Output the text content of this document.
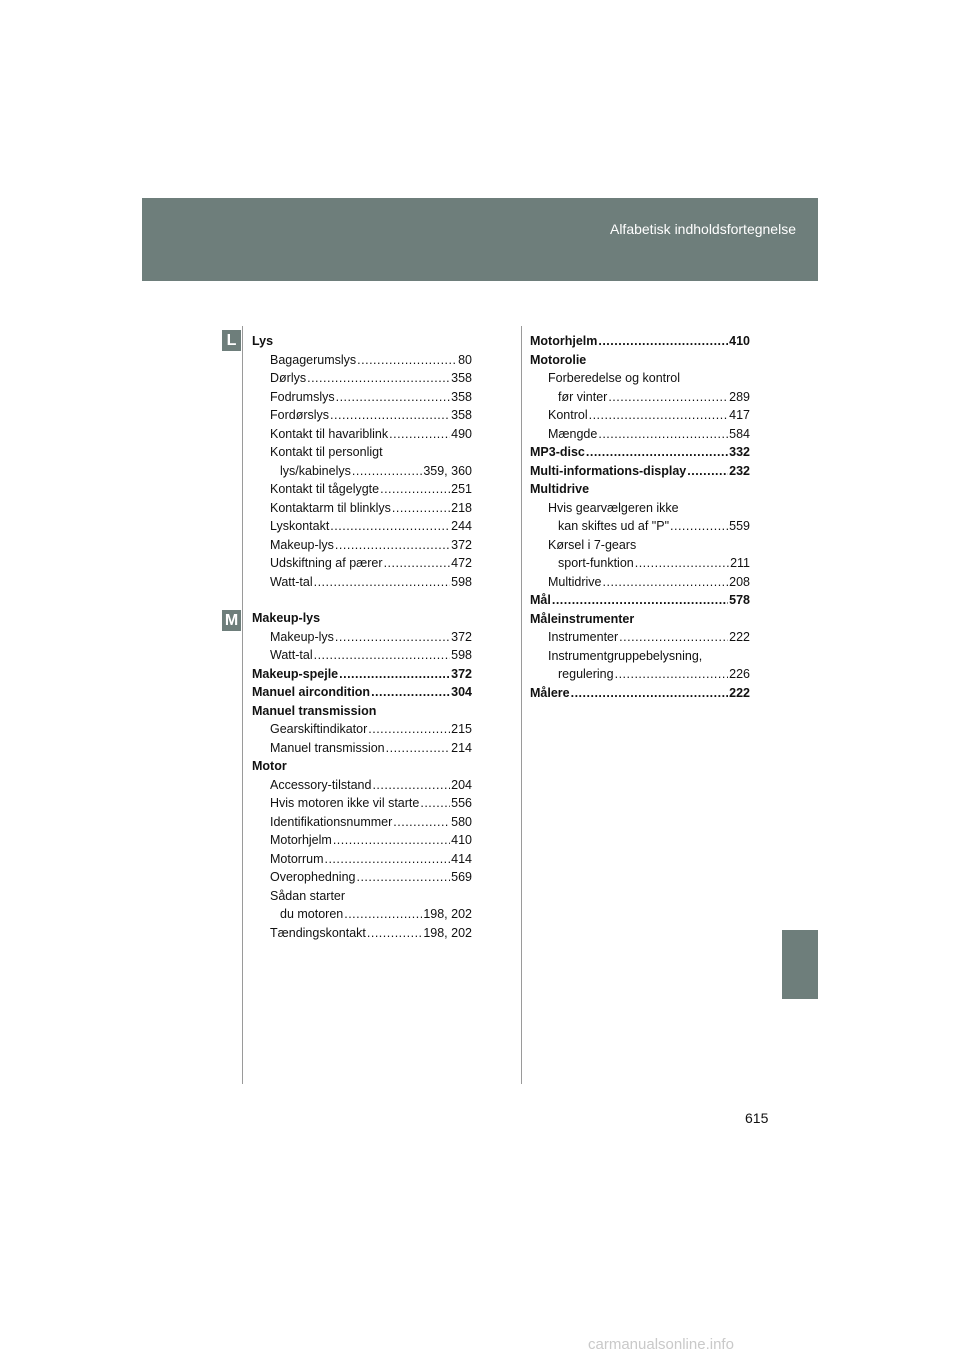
Alfabetisk indholdsfortegnelse
L
M
Lys
Bagagerumslys .....	80
Dørlys .....	358
Fodrumslys .....	358
Fordørslys .....	358
Kontakt til havariblink .....	490
Kontakt til personligt
lys/kabinelys .....	359, 360
Kontakt til tågelygte .....	251
Kontaktarm til blinklys .....	218
Lyskontakt .....	244
Makeup-lys .....	372
Udskiftning af pærer .....	472
Watt-tal .....	598
Makeup-lys
Makeup-lys .....	372
Watt-tal .....	598
Makeup-spejle .....	372
Manuel aircondition .....	304
Manuel transmission
Gearskiftindikator .....	215
Manuel transmission .....	214
Motor
Accessory-tilstand .....	204
Hvis motoren ikke vil starte .....	556
Identifikationsnummer .....	580
Motorhjelm .....	410
Motorrum .....	414
Overophedning .....	569
Sådan starter
du motoren .....	198, 202
Tændingskontakt .....	198, 202
Motorhjelm .....	410
Motorolie
Forberedelse og kontrol
før vinter .....	289
Kontrol .....	417
Mængde .....	584
MP3-disc .....	332
Multi-informations-display .....	232
Multidrive
Hvis gearvælgeren ikke
kan skiftes ud af "P" .....	559
Kørsel i 7-gears
sport-funktion .....	211
Multidrive .....	208
Mål .....	578
Måleinstrumenter
Instrumenter .....	222
Instrumentgruppebelysning,
regulering .....	226
Målere .....	222
615
carmanualsonline.info
